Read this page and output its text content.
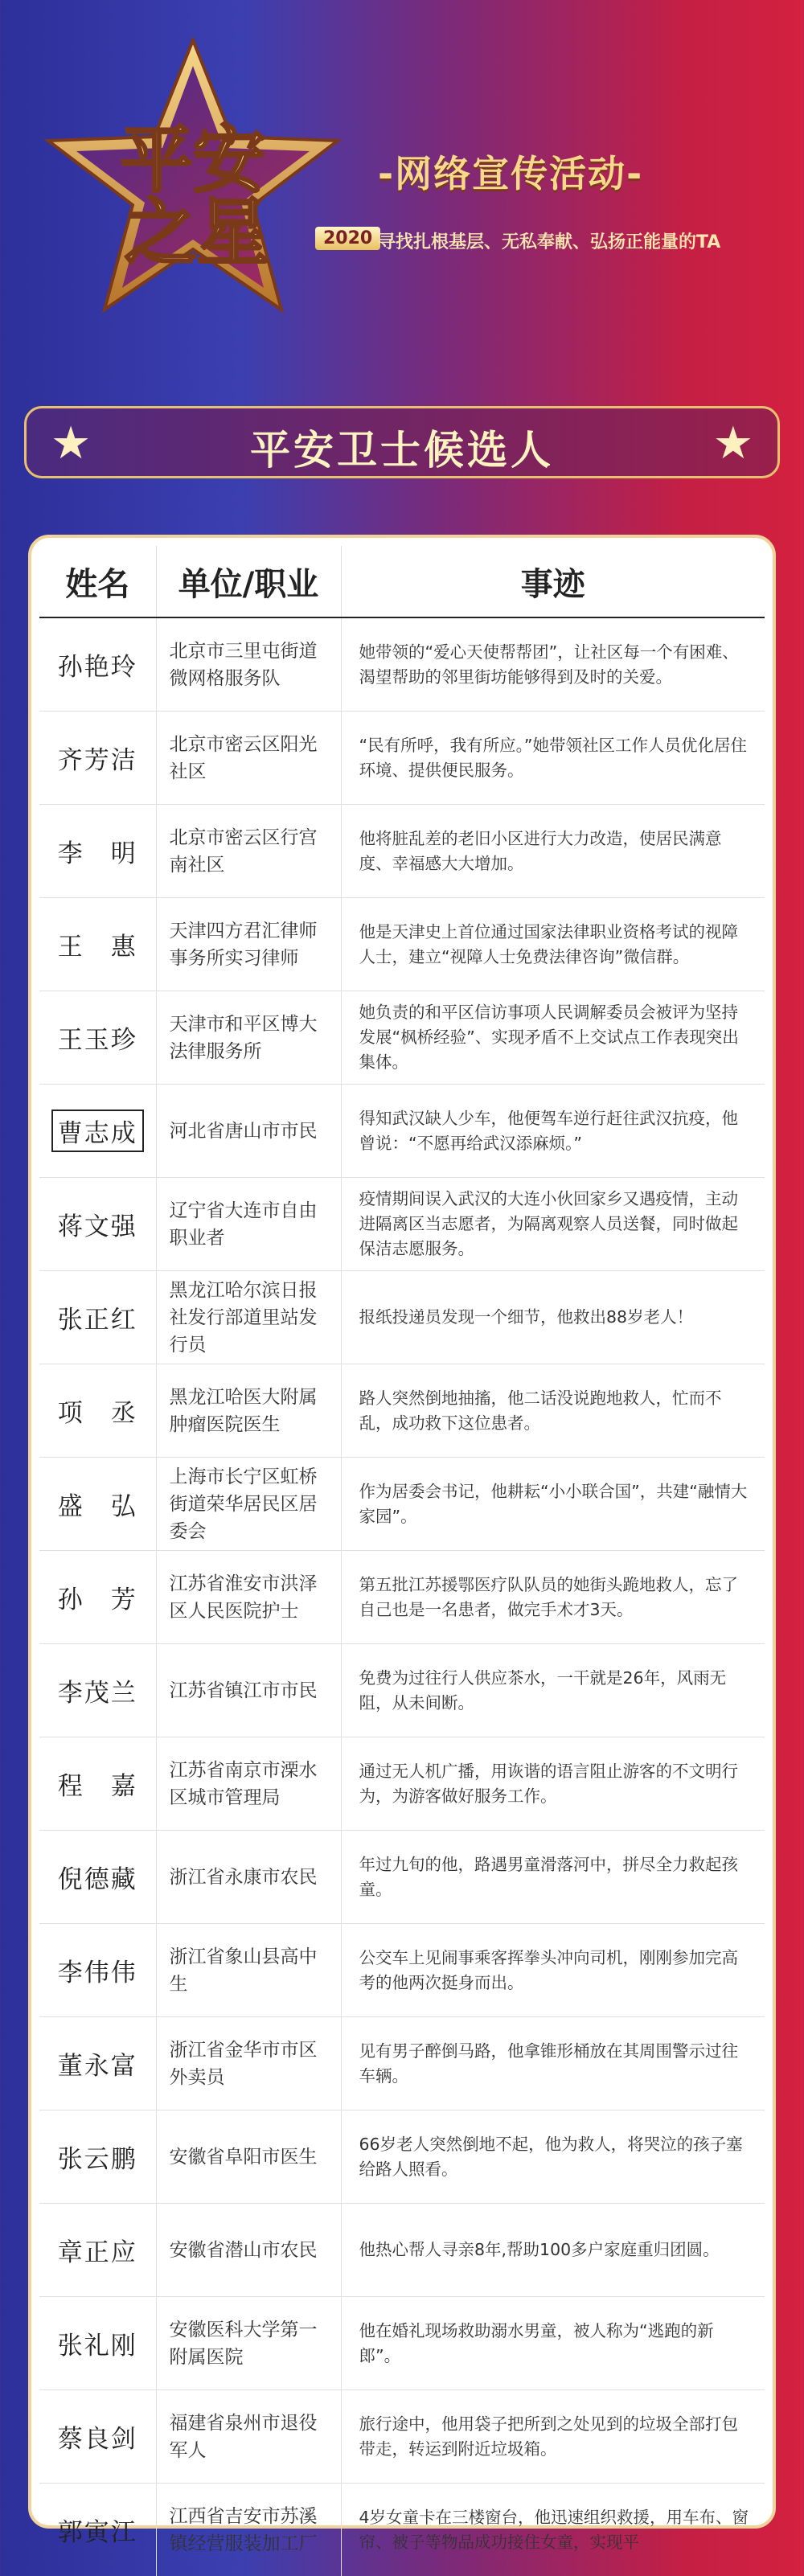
平安
之星
-网络宣传活动-
2020 寻找扎根基层、无私奉献、弘扬正能量的TA
★	平安卫士候选人	★
姓名	单位/职业	事迹
孙艳玲	北京市三里屯街道微网格服务队	她带领的“爱心天使帮帮团”，让社区每一个有困难、渴望帮助的邻里街坊能够得到及时的关爱。
齐芳洁	北京市密云区阳光社区	“民有所呼，我有所应。”她带领社区工作人员优化居住环境、提供便民服务。
李　明	北京市密云区行宫南社区	他将脏乱差的老旧小区进行大力改造，使居民满意度、幸福感大大增加。
王　惠	天津四方君汇律师事务所实习律师	他是天津史上首位通过国家法律职业资格考试的视障人士，建立“视障人士免费法律咨询”微信群。
王玉珍	天津市和平区博大法律服务所	她负责的和平区信访事项人民调解委员会被评为坚持发展“枫桥经验”、实现矛盾不上交试点工作表现突出集体。
曹志成	河北省唐山市市民	得知武汉缺人少车，他便驾车逆行赶往武汉抗疫，他曾说：“不愿再给武汉添麻烦。”
蒋文强	辽宁省大连市自由职业者	疫情期间误入武汉的大连小伙回家乡又遇疫情，主动进隔离区当志愿者，为隔离观察人员送餐，同时做起保洁志愿服务。
张正红	黑龙江哈尔滨日报社发行部道里站发行员	报纸投递员发现一个细节，他救出88岁老人！
项　丞	黑龙江哈医大附属肿瘤医院医生	路人突然倒地抽搐，他二话没说跑地救人，忙而不乱，成功救下这位患者。
盛　弘	上海市长宁区虹桥街道荣华居民区居委会	作为居委会书记，他耕耘“小小联合国”，共建“融情大家园”。
孙　芳	江苏省淮安市洪泽区人民医院护士	第五批江苏援鄂医疗队队员的她街头跪地救人，忘了自己也是一名患者，做完手术才3天。
李茂兰	江苏省镇江市市民	免费为过往行人供应茶水，一干就是26年，风雨无阻，从未间断。
程　嘉	江苏省南京市溧水区城市管理局	通过无人机广播，用诙谐的语言阻止游客的不文明行为，为游客做好服务工作。
倪德藏	浙江省永康市农民	年过九旬的他，路遇男童滑落河中，拼尽全力救起孩童。
李伟伟	浙江省象山县高中生	公交车上见闹事乘客挥拳头冲向司机，刚刚参加完高考的他两次挺身而出。
董永富	浙江省金华市市区外卖员	见有男子醉倒马路，他拿锥形桶放在其周围警示过往车辆。
张云鹏	安徽省阜阳市医生	66岁老人突然倒地不起，他为救人，将哭泣的孩子塞给路人照看。
章正应	安徽省潜山市农民	他热心帮人寻亲8年,帮助100多户家庭重归团圆。
张礼刚	安徽医科大学第一附属医院	他在婚礼现场救助溺水男童，被人称为“逃跑的新郎”。
蔡良剑	福建省泉州市退役军人	旅行途中，他用袋子把所到之处见到的垃圾全部打包带走，转运到附近垃圾箱。
郭寅江	江西省吉安市苏溪镇经营服装加工厂	4岁女童卡在三楼窗台，他迅速组织救援，用车布、窗帘、被子等物品成功接住女童，实现平
